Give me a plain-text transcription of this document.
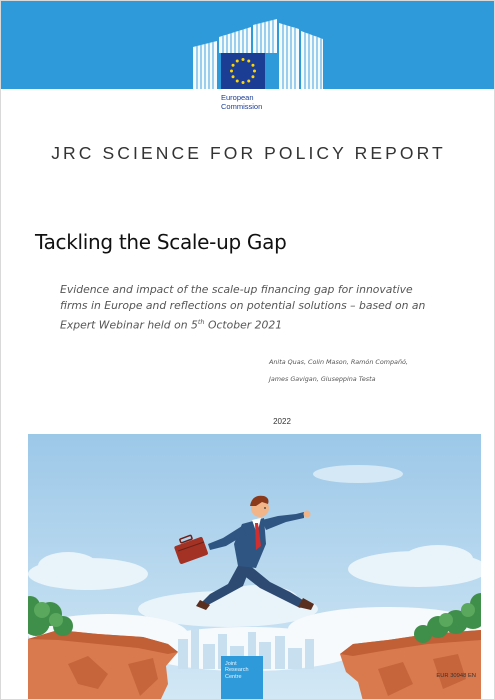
European
Commission
JRC SCIENCE FOR POLICY REPORT
Tackling the Scale-up Gap
Evidence and impact of the scale-up financing gap for innovative
firms in Europe and reflections on potential solutions – based on an
Expert Webinar held on 5th October 2021
Anita Quas, Colin Mason, Ramón Compañó,
James Gavigan, Giuseppina Testa
2022
Joint
Research
Centre	EUR 30948 EN
